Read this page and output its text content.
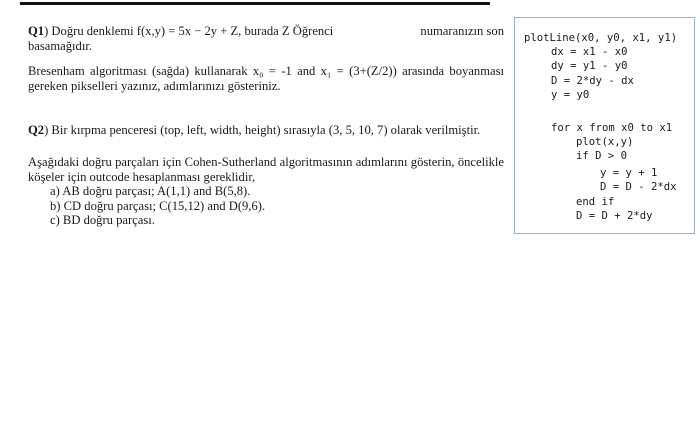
Q1) Doğru denklemi f(x,y) = 5x − 2y + Z, burada Z Öğrenci	numaranızın son

basamağıdır.

Bresenham algoritması (sağda) kullanarak x₀ = -1 and x₁ = (3+(Z/2)) arasında boyanması gereken pikselleri yazınız, adımlarınızı gösteriniz.

Q2) Bir kırpma penceresi (top, left, width, height) sırasıyla (3, 5, 10, 7) olarak verilmiştir.

Aşağıdaki doğru parçaları için Cohen-Sutherland algoritmasının adımlarını gösterin, öncelikle köşeler için outcode hesaplanması gereklidir,

a) AB doğru parçası; A(1,1) and B(5,8).
b) CD doğru parçası; C(15,12) and D(9,6).
c) BD doğru parçası.
plotLine(x0, y0, x1, y1)
dx = x1 - x0
dy = y1 - y0
D = 2*dy - dx
y = y0
for x from x0 to x1
plot(x,y)
if D > 0
y = y + 1
D = D - 2*dx
end if
D = D + 2*dy
